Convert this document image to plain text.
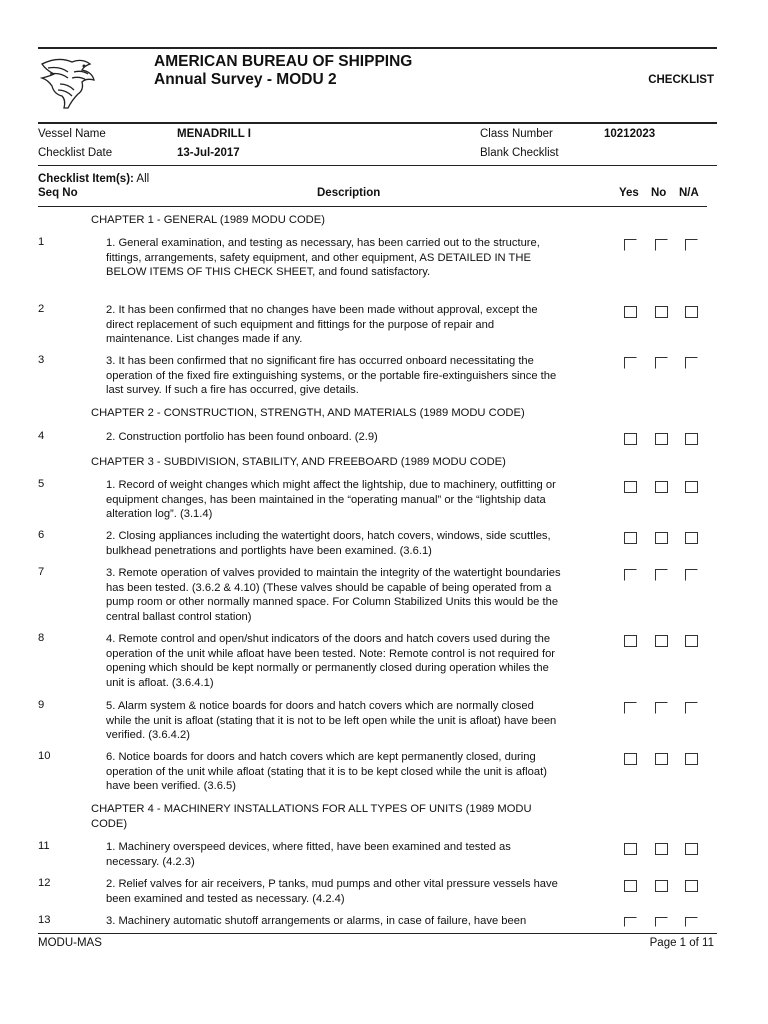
AMERICAN BUREAU OF SHIPPING
Annual Survey - MODU 2	CHECKLIST
Vessel Name	MENADRILL I	Class Number	10212023
Checklist Date	13-Jul-2017	Blank Checklist
Checklist Item(s): All
Seq No	Description	Yes No N/A
CHAPTER 1 - GENERAL (1989 MODU CODE)
1	1. General examination, and testing as necessary, has been carried out to the structure, fittings, arrangements, safety equipment, and other equipment, AS DETAILED IN THE BELOW ITEMS OF THIS CHECK SHEET, and found satisfactory.
2	2. It has been confirmed that no changes have been made without approval, except the direct replacement of such equipment and fittings for the purpose of repair and maintenance. List changes made if any.
3	3. It has been confirmed that no significant fire has occurred onboard necessitating the operation of the fixed fire extinguishing systems, or the portable fire-extinguishers since the last survey. If such a fire has occurred, give details.
CHAPTER 2 - CONSTRUCTION, STRENGTH, AND MATERIALS (1989 MODU CODE)
4	2. Construction portfolio has been found onboard. (2.9)
CHAPTER 3 - SUBDIVISION, STABILITY, AND FREEBOARD (1989 MODU CODE)
5	1. Record of weight changes which might affect the lightship, due to machinery, outfitting or equipment changes, has been maintained in the “operating manual” or the “lightship data alteration log”. (3.1.4)
6	2. Closing appliances including the watertight doors, hatch covers, windows, side scuttles, bulkhead penetrations and portlights have been examined. (3.6.1)
7	3. Remote operation of valves provided to maintain the integrity of the watertight boundaries has been tested. (3.6.2 & 4.10) (These valves should be capable of being operated from a pump room or other normally manned space. For Column Stabilized Units this would be the central ballast control station)
8	4. Remote control and open/shut indicators of the doors and hatch covers used during the operation of the unit while afloat have been tested. Note: Remote control is not required for opening which should be kept normally or permanently closed during operation whiles the unit is afloat. (3.6.4.1)
9	5. Alarm system & notice boards for doors and hatch covers which are normally closed while the unit is afloat (stating that it is not to be left open while the unit is afloat) have been verified. (3.6.4.2)
10	6. Notice boards for doors and hatch covers which are kept permanently closed, during operation of the unit while afloat (stating that it is to be kept closed while the unit is afloat) have been verified. (3.6.5)
CHAPTER 4 - MACHINERY INSTALLATIONS FOR ALL TYPES OF UNITS (1989 MODU CODE)
11	1. Machinery overspeed devices, where fitted, have been examined and tested as necessary. (4.2.3)
12	2. Relief valves for air receivers, P tanks, mud pumps and other vital pressure vessels have been examined and tested as necessary. (4.2.4)
13	3. Machinery automatic shutoff arrangements or alarms, in case of failure, have been
MODU-MAS	Page 1 of 11
